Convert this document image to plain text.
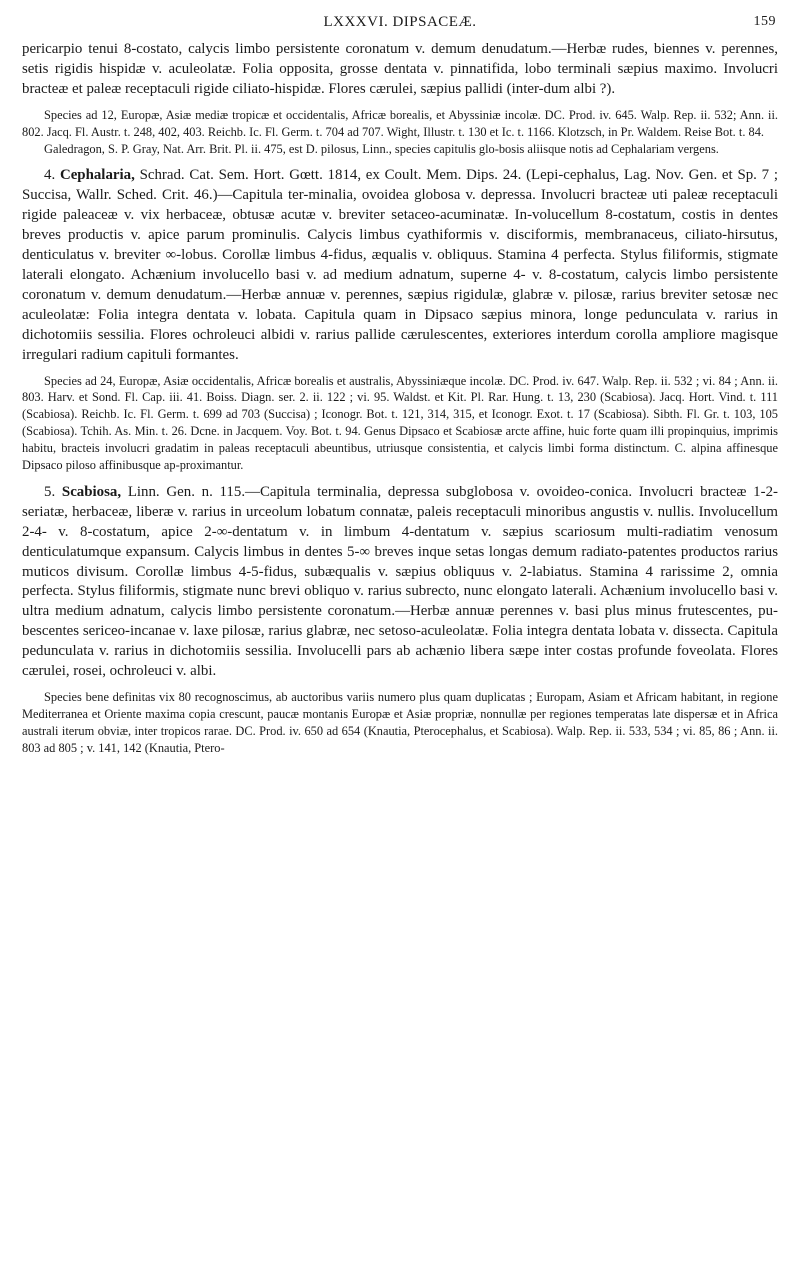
LXXXVI. DIPSACEÆ.	159

pericarpio tenui 8-costato, calycis limbo persistente coronatum v. demum denudatum.—Herbæ rudes, biennes v. perennes, setis rigidis hispidæ v. aculeolatæ. Folia opposita, grosse dentata v. pinnatifida, lobo terminali sæpius maximo. Involucri bracteæ et paleæ receptaculi rigide ciliato-hispidæ. Flores cærulei, sæpius pallidi (inter-dum albi ?).

Species ad 12, Europæ, Asiæ mediæ tropicæ et occidentalis, Africæ borealis, et Abyssiniæ incolæ. DC. Prod. iv. 645. Walp. Rep. ii. 532; Ann. ii. 802. Jacq. Fl. Austr. t. 248, 402, 403. Reichb. Ic. Fl. Germ. t. 704 ad 707. Wight, Illustr. t. 130 et Ic. t. 1166. Klotzsch, in Pr. Waldem. Reise Bot. t. 84.

Galedragon, S. P. Gray, Nat. Arr. Brit. Pl. ii. 475, est D. pilosus, Linn., species capitulis glo-bosis aliisque notis ad Cephalariam vergens.

4. Cephalaria, Schrad. Cat. Sem. Hort. Gœtt. 1814, ex Coult. Mem. Dips. 24. (Lepi-cephalus, Lag. Nov. Gen. et Sp. 7 ; Succisa, Wallr. Sched. Crit. 46.)—Capitula ter-minalia, ovoidea globosa v. depressa. Involucri bracteæ uti paleæ receptaculi rigide paleaceæ v. vix herbaceæ, obtusæ acutæ v. breviter setaceo-acuminatæ. In-volucellum 8-costatum, costis in dentes breves productis v. apice parum prominulis. Calycis limbus cyathiformis v. disciformis, membranaceus, ciliato-hirsutus, denticulatus v. breviter ∞-lobus. Corollæ limbus 4-fidus, æqualis v. obliquus. Stamina 4 perfecta. Stylus filiformis, stigmate laterali elongato. Achænium involucello basi v. ad medium adnatum, superne 4- v. 8-costatum, calycis limbo persistente coronatum v. demum denudatum.—Herbæ annuæ v. perennes, sæpius rigidulæ, glabræ v. pilosæ, rarius breviter setosæ nec aculeolatæ: Folia integra dentata v. lobata. Capitula quam in Dipsaco sæpius minora, longe pedunculata v. rarius in dichotomiis sessilia. Flores ochroleuci albidi v. rarius pallide cærulescentes, exteriores interdum corolla ampliore magisque irregulari radium capituli formantes.

Species ad 24, Europæ, Asiæ occidentalis, Africæ borealis et australis, Abyssiniæque incolæ. DC. Prod. iv. 647. Walp. Rep. ii. 532 ; vi. 84 ; Ann. ii. 803. Harv. et Sond. Fl. Cap. iii. 41. Boiss. Diagn. ser. 2. ii. 122 ; vi. 95. Waldst. et Kit. Pl. Rar. Hung. t. 13, 230 (Scabiosa). Jacq. Hort. Vind. t. 111 (Scabiosa). Reichb. Ic. Fl. Germ. t. 699 ad 703 (Succisa) ; Iconogr. Bot. t. 121, 314, 315, et Iconogr. Exot. t. 17 (Scabiosa). Sibth. Fl. Gr. t. 103, 105 (Scabiosa). Tchih. As. Min. t. 26. Dcne. in Jacquem. Voy. Bot. t. 94. Genus Dipsaco et Scabiosæ arcte affine, huic forte quam illi propinquius, imprimis habitu, bracteis involucri gradatim in paleas receptaculi abeuntibus, utriusque consistentia, et calycis limbi forma distinctum. C. alpina affinesque Dipsaco piloso affinibusque ap-proximantur.

5. Scabiosa, Linn. Gen. n. 115.—Capitula terminalia, depressa subglobosa v. ovoideo-conica. Involucri bracteæ 1-2-seriatæ, herbaceæ, liberæ v. rarius in urceolum lobatum connatæ, paleis receptaculi minoribus angustis v. nullis. Involucellum 2-4- v. 8-costatum, apice 2-∞-dentatum v. in limbum 4-dentatum v. sæpius scariosum multi-radiatim venosum denticulatumque expansum. Calycis limbus in dentes 5-∞ breves inque setas longas demum radiato-patentes productos rarius muticos divisum. Corollæ limbus 4-5-fidus, subæqualis v. sæpius obliquus v. 2-labiatus. Stamina 4 rarissime 2, omnia perfecta. Stylus filiformis, stigmate nunc brevi obliquo v. rarius subrecto, nunc elongato laterali. Achænium involucello basi v. ultra medium adnatum, calycis limbo persistente coronatum.—Herbæ annuæ perennes v. basi plus minus frutescentes, pu-bescentes sericeo-incanae v. laxe pilosæ, rarius glabræ, nec setoso-aculeolatæ. Folia integra dentata lobata v. dissecta. Capitula pedunculata v. rarius in dichotomiis sessilia. Involucelli pars ab achænio libera sæpe inter costas profunde foveolata. Flores cærulei, rosei, ochroleuci v. albi.

Species bene definitas vix 80 recognoscimus, ab auctoribus variis numero plus quam duplicatas ; Europam, Asiam et Africam habitant, in regione Mediterranea et Oriente maxima copia crescunt, paucæ montanis Europæ et Asiæ propriæ, nonnullæ per regiones temperatas late dispersæ et in Africa australi iterum obviæ, inter tropicos rarae. DC. Prod. iv. 650 ad 654 (Knautia, Pterocephalus, et Scabiosa). Walp. Rep. ii. 533, 534 ; vi. 85, 86 ; Ann. ii. 803 ad 805 ; v. 141, 142 (Knautia, Ptero-
